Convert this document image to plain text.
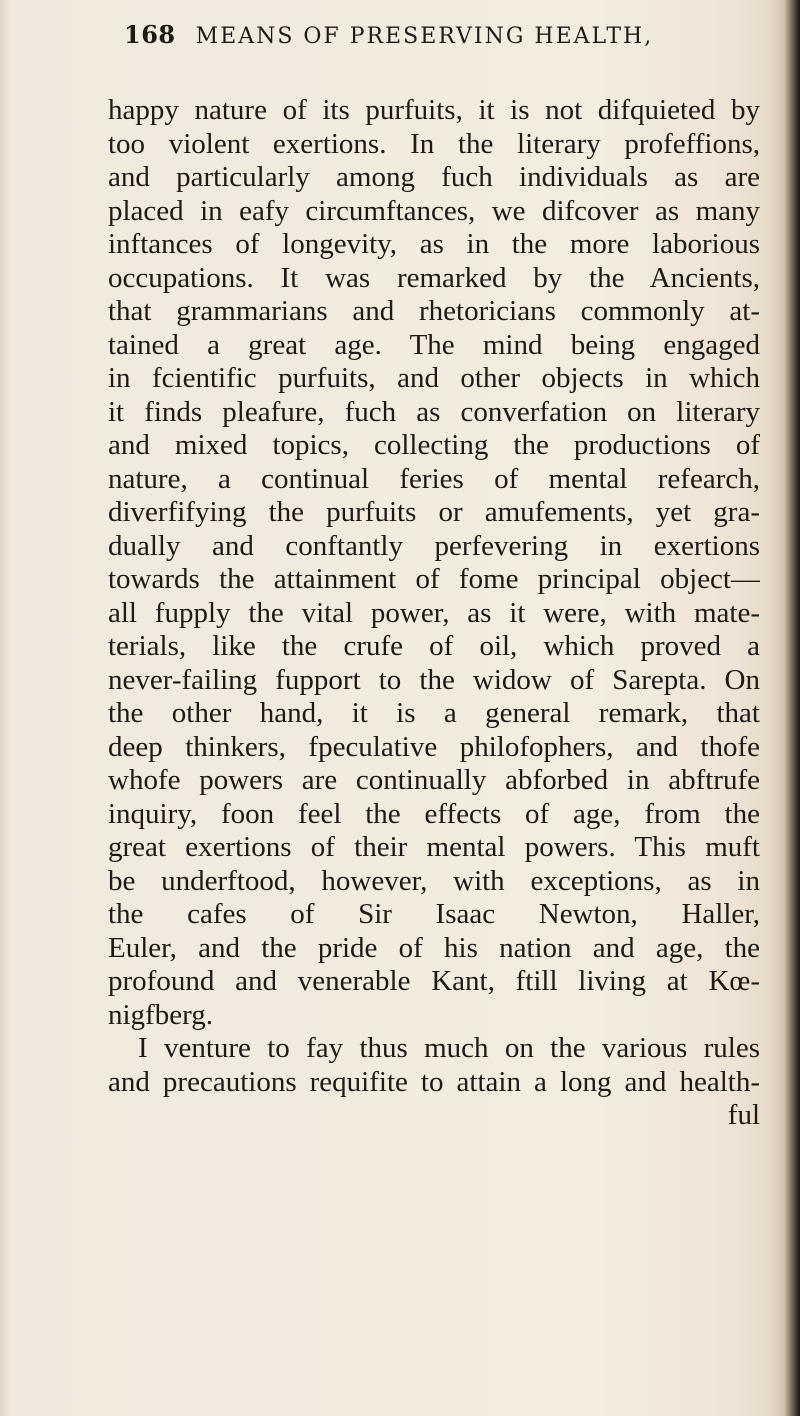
168 MEANS OF PRESERVING HEALTH,
happy nature of its purfuits, it is not difquieted by
too violent exertions. In the literary profeffions,
and particularly among fuch individuals as are
placed in eafy circumftances, we difcover as many
inftances of longevity, as in the more laborious
occupations. It was remarked by the Ancients,
that grammarians and rhetoricians commonly at-
tained a great age. The mind being engaged
in fcientific purfuits, and other objects in which
it finds pleafure, fuch as converfation on literary
and mixed topics, collecting the productions of
nature, a continual feries of mental refearch,
diverfifying the purfuits or amufements, yet gra-
dually and conftantly perfevering in exertions
towards the attainment of fome principal object—
all fupply the vital power, as it were, with mate-
terials, like the crufe of oil, which proved a
never-failing fupport to the widow of Sarepta. On
the other hand, it is a general remark, that
deep thinkers, fpeculative philofophers, and thofe
whofe powers are continually abforbed in abftrufe
inquiry, foon feel the effects of age, from the
great exertions of their mental powers. This muft
be underftood, however, with exceptions, as in
the cafes of Sir Isaac Newton, Haller,
Euler, and the pride of his nation and age, the
profound and venerable Kant, ftill living at Kœ-
nigfberg.
I venture to fay thus much on the various rules
and precautions requifite to attain a long and health-
ful
